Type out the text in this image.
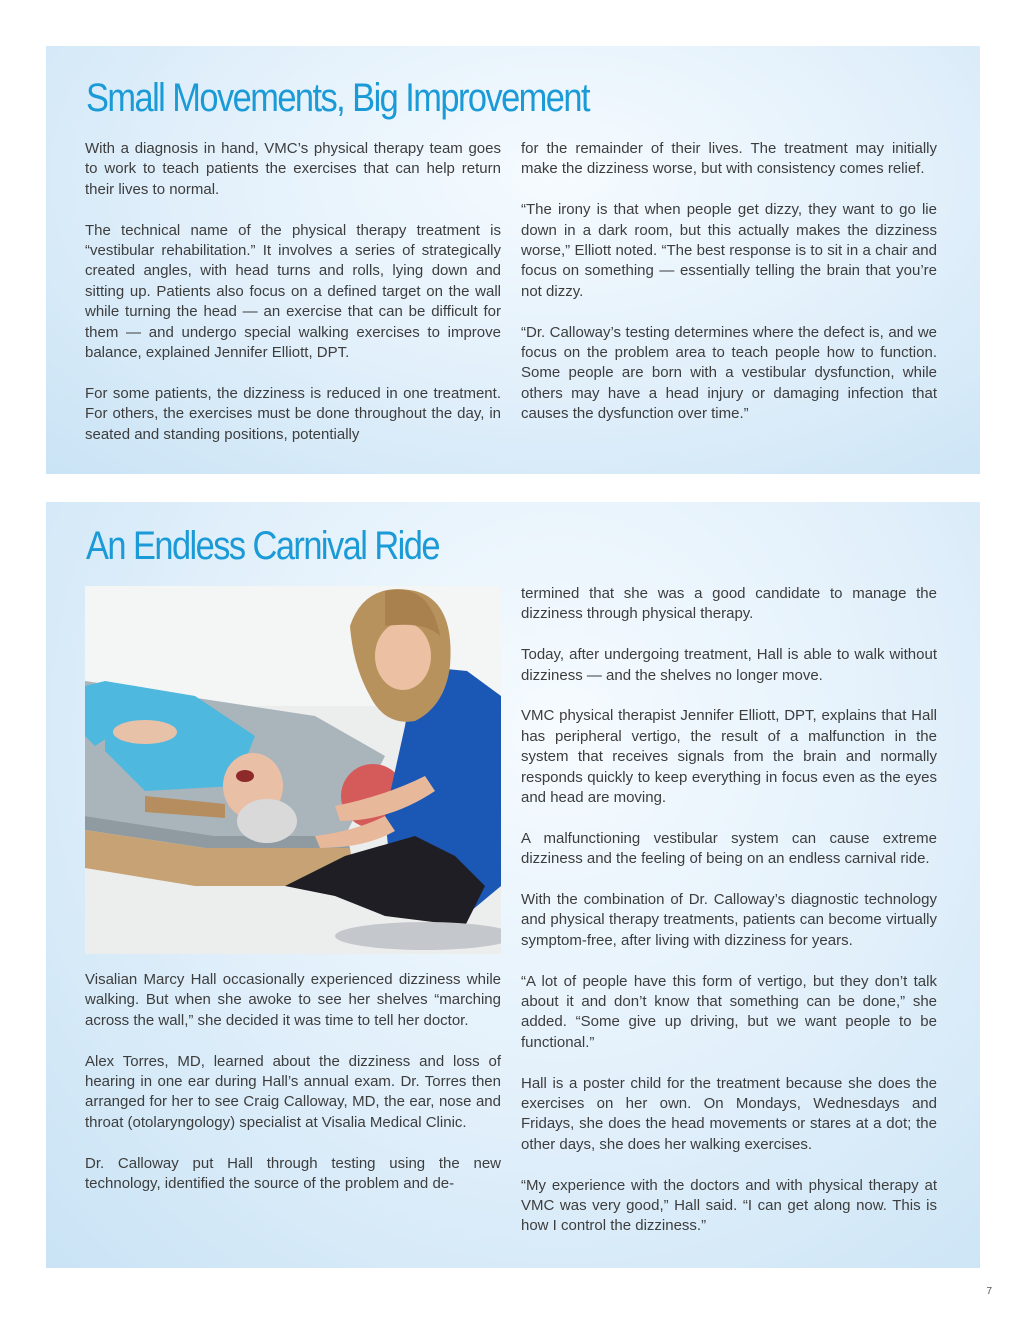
Small Movements, Big Improvement

With a diagnosis in hand, VMC’s physical therapy team goes to work to teach patients the exercises that can help return their lives to normal.

The technical name of the physical therapy treatment is “vestibular rehabilitation.” It involves a series of strategically created angles, with head turns and rolls, lying down and sitting up. Patients also focus on a defined target on the wall while turning the head — an exercise that can be difficult for them — and undergo special walking exercises to improve balance, explained Jennifer Elliott, DPT.

For some patients, the dizziness is reduced in one treatment. For others, the exercises must be done throughout the day, in seated and standing positions, potentially

for the remainder of their lives. The treatment may initially make the dizziness worse, but with consistency comes relief.

“The irony is that when people get dizzy, they want to go lie down in a dark room, but this actually makes the dizziness worse,” Elliott noted. “The best response is to sit in a chair and focus on something — essentially telling the brain that you’re not dizzy.

“Dr. Calloway’s testing determines where the defect is, and we focus on the problem area to teach people how to function. Some people are born with a vestibular dysfunction, while others may have a head injury or damaging infection that causes the dysfunction over time.”

An Endless Carnival Ride

Visalian Marcy Hall occasionally experienced dizziness while walking. But when she awoke to see her shelves “marching across the wall,” she decided it was time to tell her doctor.

Alex Torres, MD, learned about the dizziness and loss of hearing in one ear during Hall’s annual exam. Dr. Torres then arranged for her to see Craig Calloway, MD, the ear, nose and throat (otolaryngology) specialist at Visalia Medical Clinic.

Dr. Calloway put Hall through testing using the new technology, identified the source of the problem and de-

termined that she was a good candidate to manage the dizziness through physical therapy.

Today, after undergoing treatment, Hall is able to walk without dizziness — and the shelves no longer move.

VMC physical therapist Jennifer Elliott, DPT, explains that Hall has peripheral vertigo, the result of a malfunction in the system that receives signals from the brain and normally responds quickly to keep everything in focus even as the eyes and head are moving.

A malfunctioning vestibular system can cause extreme dizziness and the feeling of being on an endless carnival ride.

With the combination of Dr. Calloway’s diagnostic technology and physical therapy treatments, patients can become virtually symptom-free, after living with dizziness for years.

“A lot of people have this form of vertigo, but they don’t talk about it and don’t know that something can be done,” she added. “Some give up driving, but we want people to be functional.”

Hall is a poster child for the treatment because she does the exercises on her own. On Mondays, Wednesdays and Fridays, she does the head movements or stares at a dot; the other days, she does her walking exercises.

“My experience with the doctors and with physical therapy at VMC was very good,” Hall said. “I can get along now. This is how I control the dizziness.”

7
